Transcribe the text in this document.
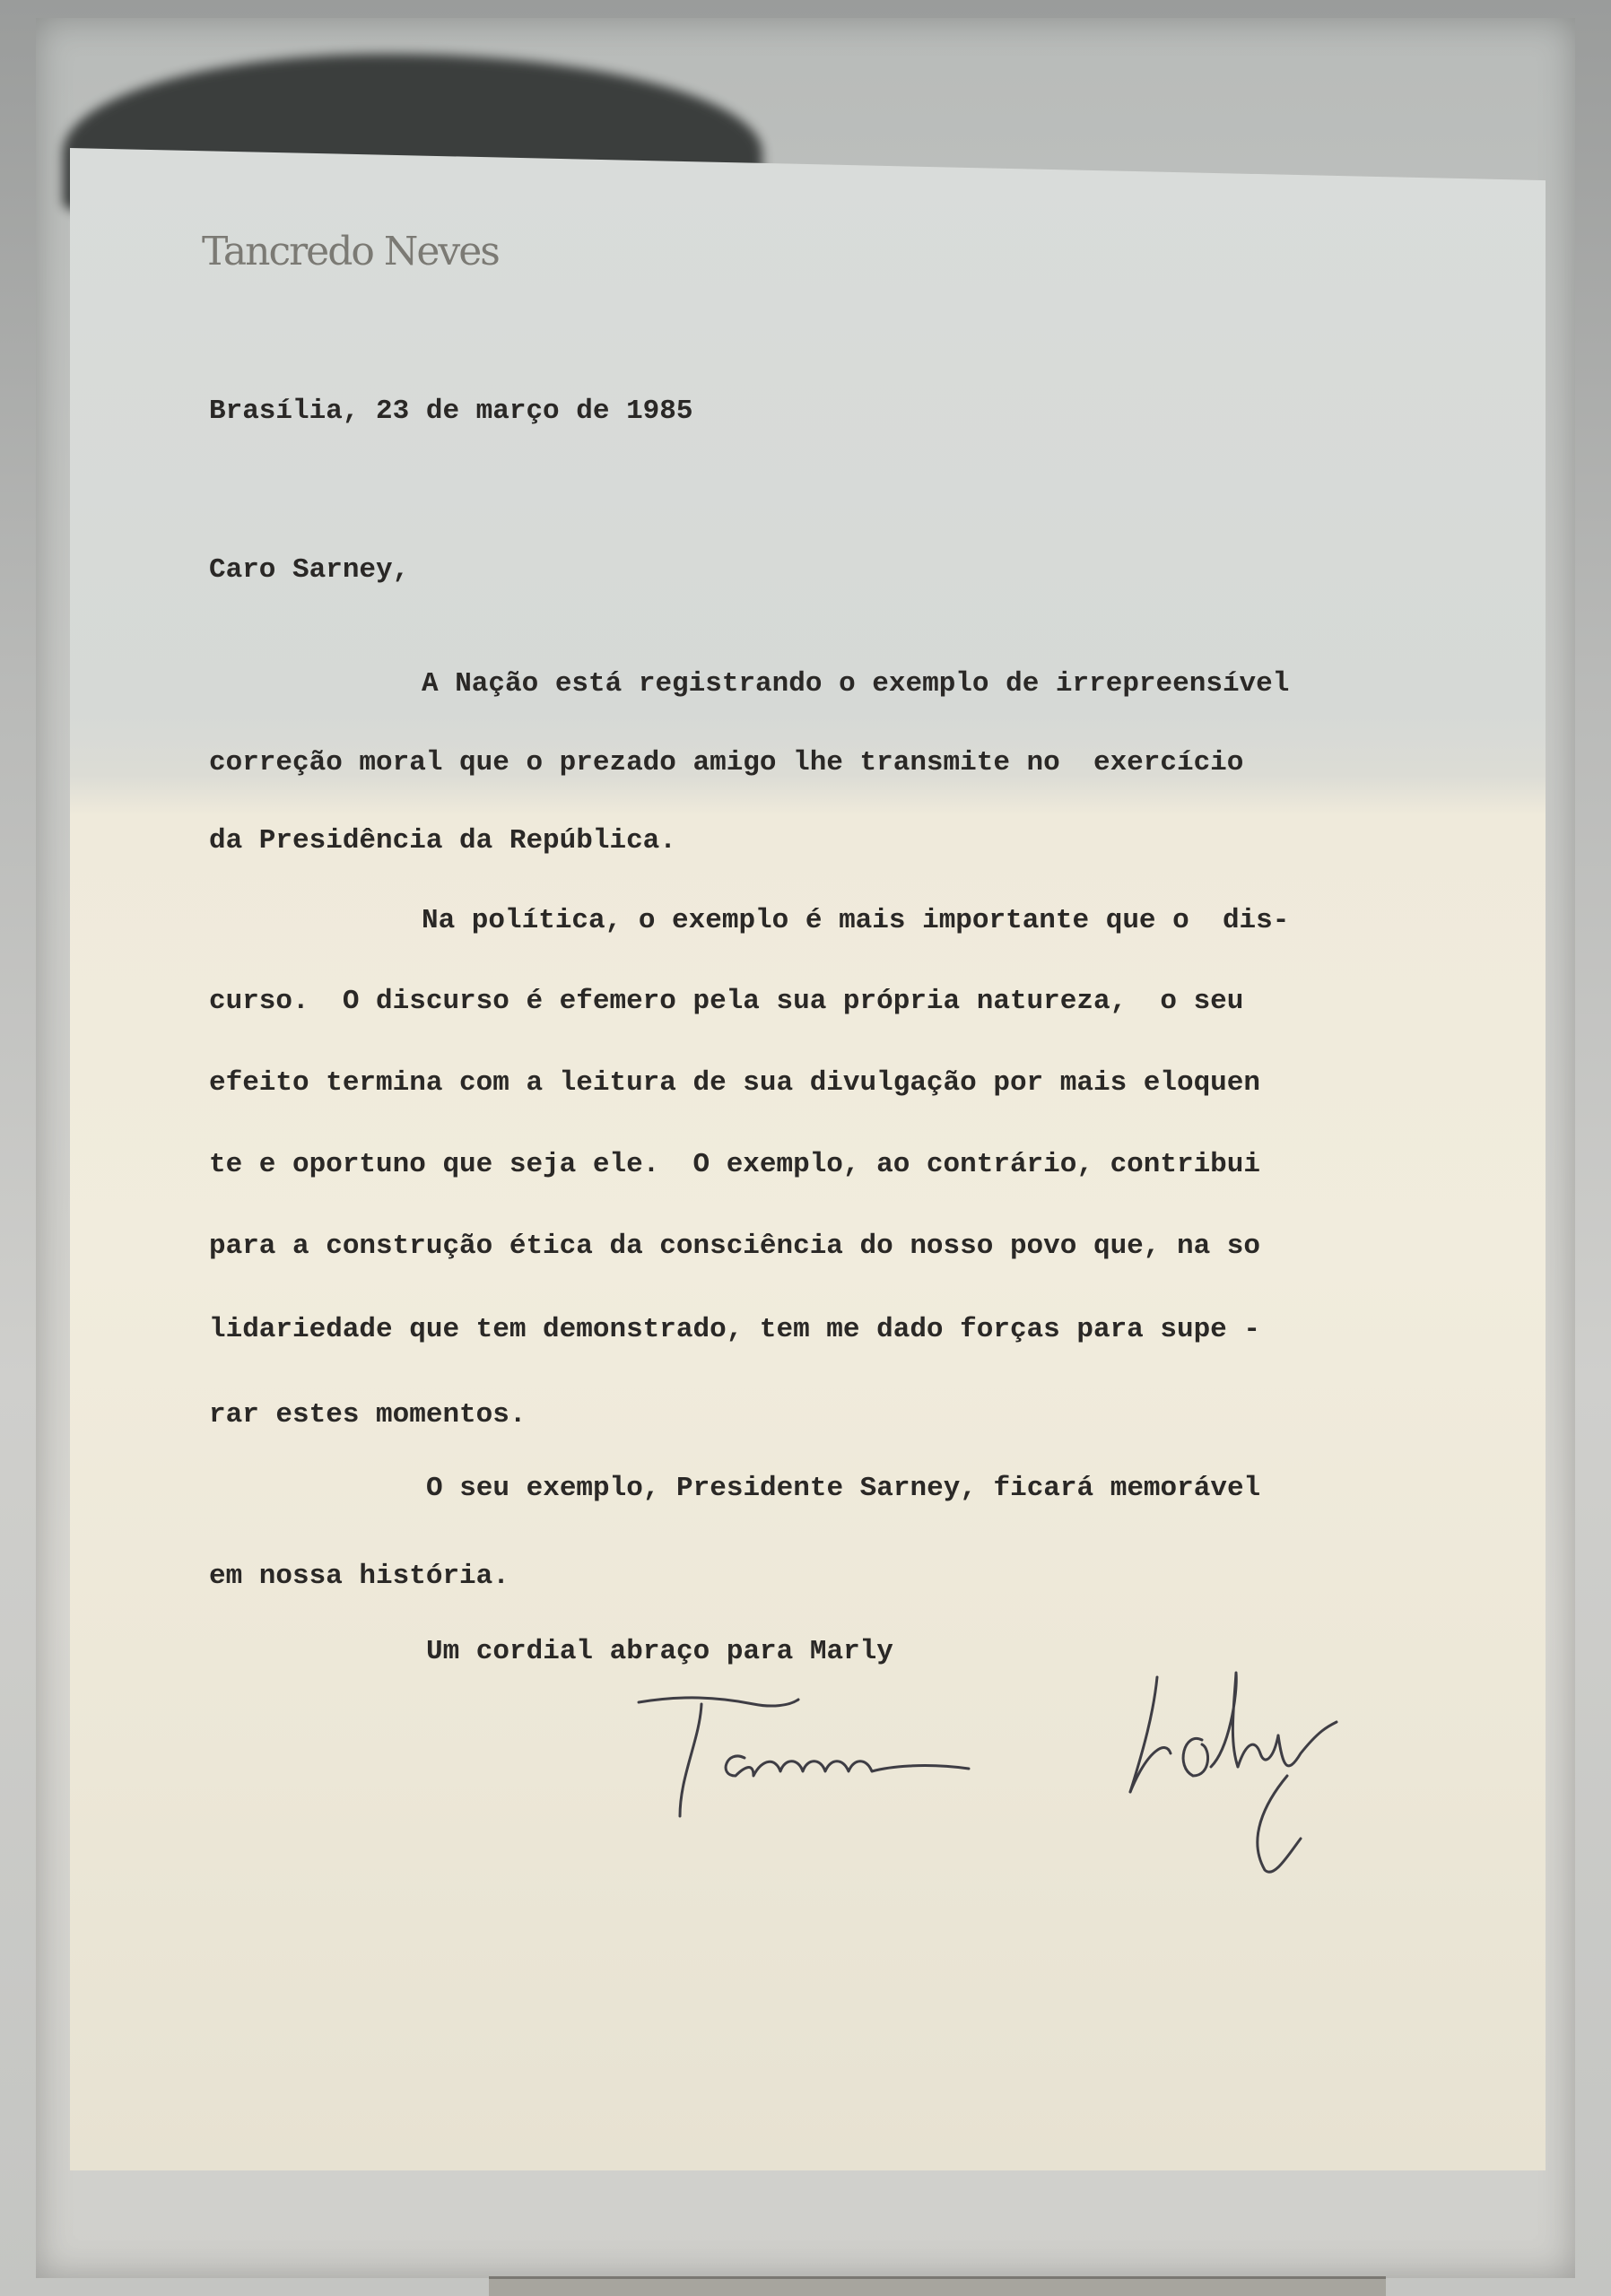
Tancredo Neves
Brasília, 23 de março de 1985
Caro Sarney,
A Nação está registrando o exemplo de irrepreensível
correção moral que o prezado amigo lhe transmite no  exercício
da Presidência da República.
Na política, o exemplo é mais importante que o  dis-
curso.  O discurso é efemero pela sua própria natureza,  o seu
efeito termina com a leitura de sua divulgação por mais eloquen
te e oportuno que seja ele.  O exemplo, ao contrário, contribui
para a construção ética da consciência do nosso povo que, na so
lidariedade que tem demonstrado, tem me dado forças para supe -
rar estes momentos.
O seu exemplo, Presidente Sarney, ficará memorável
em nossa história.
Um cordial abraço para Marly
